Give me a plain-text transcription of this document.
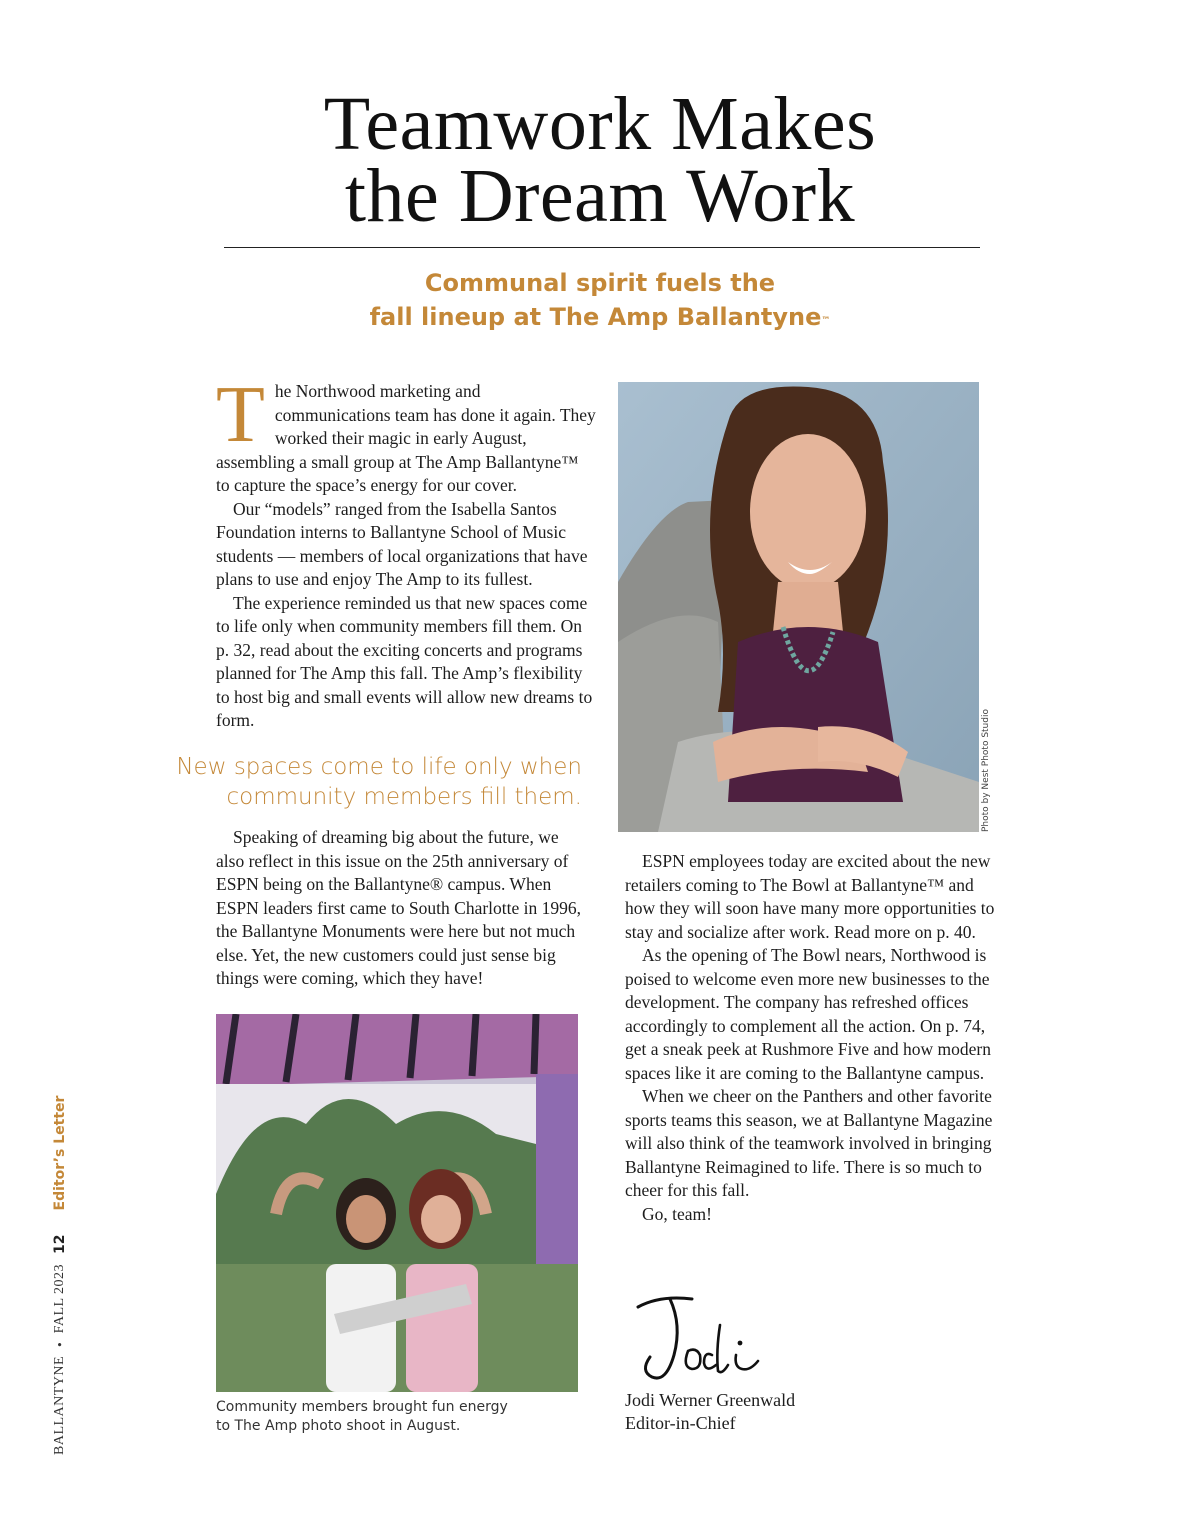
Teamwork Makes
the Dream Work
Communal spirit fuels the
fall lineup at The Amp Ballantyne™
T he Northwood marketing and communications team has done it again. They worked their magic in early August, assembling a small group at The Amp Ballantyne™ to capture the space’s energy for our cover.

Our “models” ranged from the Isabella Santos Foundation interns to Ballantyne School of Music students — members of local organizations that have plans to use and enjoy The Amp to its fullest.

The experience reminded us that new spaces come to life only when community members fill them. On p. 32, read about the exciting concerts and programs planned for The Amp this fall. The Amp’s flexibility to host big and small events will allow new dreams to form.

New spaces come to life only when
community members fill them.

Speaking of dreaming big about the future, we also reflect in this issue on the 25th anniversary of ESPN being on the Ballantyne® campus. When ESPN leaders first came to South Charlotte in 1996, the Ballantyne Monuments were here but not much else. Yet, the new customers could just sense big things were coming, which they have!

Photo by Nest Photo Studio

ESPN employees today are excited about the new retailers coming to The Bowl at Ballantyne™ and how they will soon have many more opportunities to stay and socialize after work. Read more on p. 40.

As the opening of The Bowl nears, Northwood is poised to welcome even more new businesses to the development. The company has refreshed offices accordingly to complement all the action. On p. 74, get a sneak peek at Rushmore Five and how modern spaces like it are coming to the Ballantyne campus.

When we cheer on the Panthers and other favorite sports teams this season, we at Ballantyne Magazine will also think of the teamwork involved in bringing Ballantyne Reimagined to life. There is so much to cheer for this fall.

Go, team!

Community members brought fun energy
to The Amp photo shoot in August.
Jodi Werner Greenwald
Editor-in-Chief
BALLANTYNE
•
FALL 2023
12
Editor’s Letter
